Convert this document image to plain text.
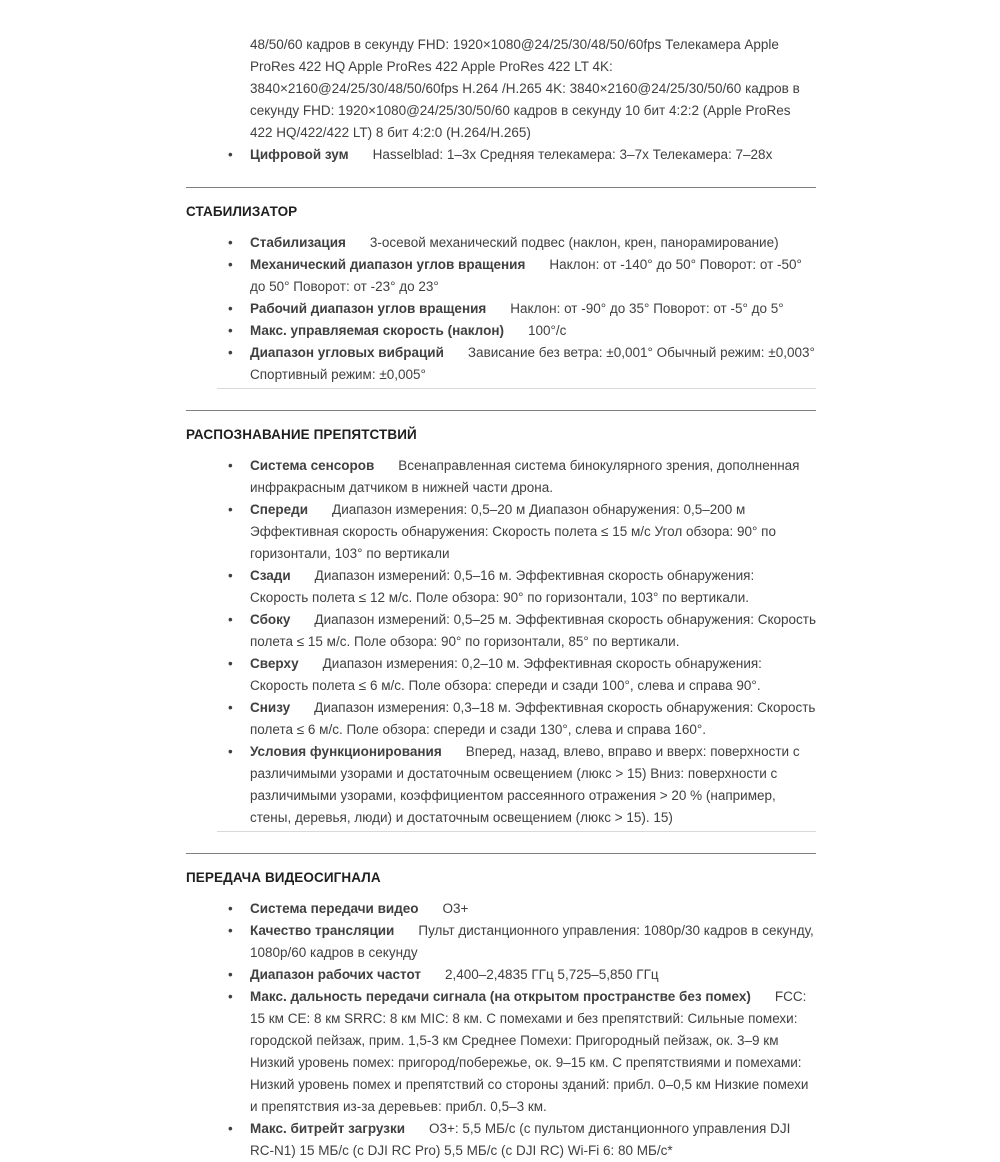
48/50/60 кадров в секунду FHD: 1920×1080@24/25/30/48/50/60fps Телекамера Apple ProRes 422 HQ Apple ProRes 422 Apple ProRes 422 LT 4K: 3840×2160@24/25/30/48/50/60fps H.264 /H.265 4K: 3840×2160@24/25/30/50/60 кадров в секунду FHD: 1920×1080@24/25/30/50/60 кадров в секунду 10 бит 4:2:2 (Apple ProRes 422 HQ/422/422 LT) 8 бит 4:2:0 (H.264/H.265)

• Цифровой зум Hasselblad: 1–3x Средняя телекамера: 3–7x Телекамера: 7–28x
СТАБИЛИЗАТОР
• Стабилизация 3-осевой механический подвес (наклон, крен, панорамирование)
• Механический диапазон углов вращения Наклон: от -140° до 50° Поворот: от -50° до 50° Поворот: от -23° до 23°
• Рабочий диапазон углов вращения Наклон: от -90° до 35° Поворот: от -5° до 5°
• Макс. управляемая скорость (наклон) 100°/с
• Диапазон угловых вибраций Зависание без ветра: ±0,001° Обычный режим: ±0,003° Спортивный режим: ±0,005°
РАСПОЗНАВАНИЕ ПРЕПЯТСТВИЙ
• Система сенсоров Всенаправленная система бинокулярного зрения, дополненная инфракрасным датчиком в нижней части дрона.
• Спереди Диапазон измерения: 0,5–20 м Диапазон обнаружения: 0,5–200 м Эффективная скорость обнаружения: Скорость полета ≤ 15 м/с Угол обзора: 90° по горизонтали, 103° по вертикали
• Сзади Диапазон измерений: 0,5–16 м. Эффективная скорость обнаружения: Скорость полета ≤ 12 м/с. Поле обзора: 90° по горизонтали, 103° по вертикали.
• Сбоку Диапазон измерений: 0,5–25 м. Эффективная скорость обнаружения: Скорость полета ≤ 15 м/с. Поле обзора: 90° по горизонтали, 85° по вертикали.
• Сверху Диапазон измерения: 0,2–10 м. Эффективная скорость обнаружения: Скорость полета ≤ 6 м/с. Поле обзора: спереди и сзади 100°, слева и справа 90°.
• Снизу Диапазон измерения: 0,3–18 м. Эффективная скорость обнаружения: Скорость полета ≤ 6 м/с. Поле обзора: спереди и сзади 130°, слева и справа 160°.
• Условия функционирования Вперед, назад, влево, вправо и вверх: поверхности с различимыми узорами и достаточным освещением (люкс > 15) Вниз: поверхности с различимыми узорами, коэффициентом рассеянного отражения > 20 % (например, стены, деревья, люди) и достаточным освещением (люкс > 15). 15)
ПЕРЕДАЧА ВИДЕОСИГНАЛА
• Система передачи видео O3+
• Качество трансляции Пульт дистанционного управления: 1080p/30 кадров в секунду, 1080p/60 кадров в секунду
• Диапазон рабочих частот 2,400–2,4835 ГГц 5,725–5,850 ГГц
• Макс. дальность передачи сигнала (на открытом пространстве без помех) FCC: 15 км CE: 8 км SRRC: 8 км MIC: 8 км. С помехами и без препятствий: Сильные помехи: городской пейзаж, прим. 1,5-3 км Среднее Помехи: Пригородный пейзаж, ок. 3–9 км Низкий уровень помех: пригород/побережье, ок. 9–15 км. С препятствиями и помехами: Низкий уровень помех и препятствий со стороны зданий: прибл. 0–0,5 км Низкие помехи и препятствия из-за деревьев: прибл. 0,5–3 км.
• Макс. битрейт загрузки O3+: 5,5 МБ/с (с пультом дистанционного управления DJI RC-N1) 15 МБ/с (с DJI RC Pro) 5,5 МБ/с (с DJI RC) Wi-Fi 6: 80 МБ/с*
